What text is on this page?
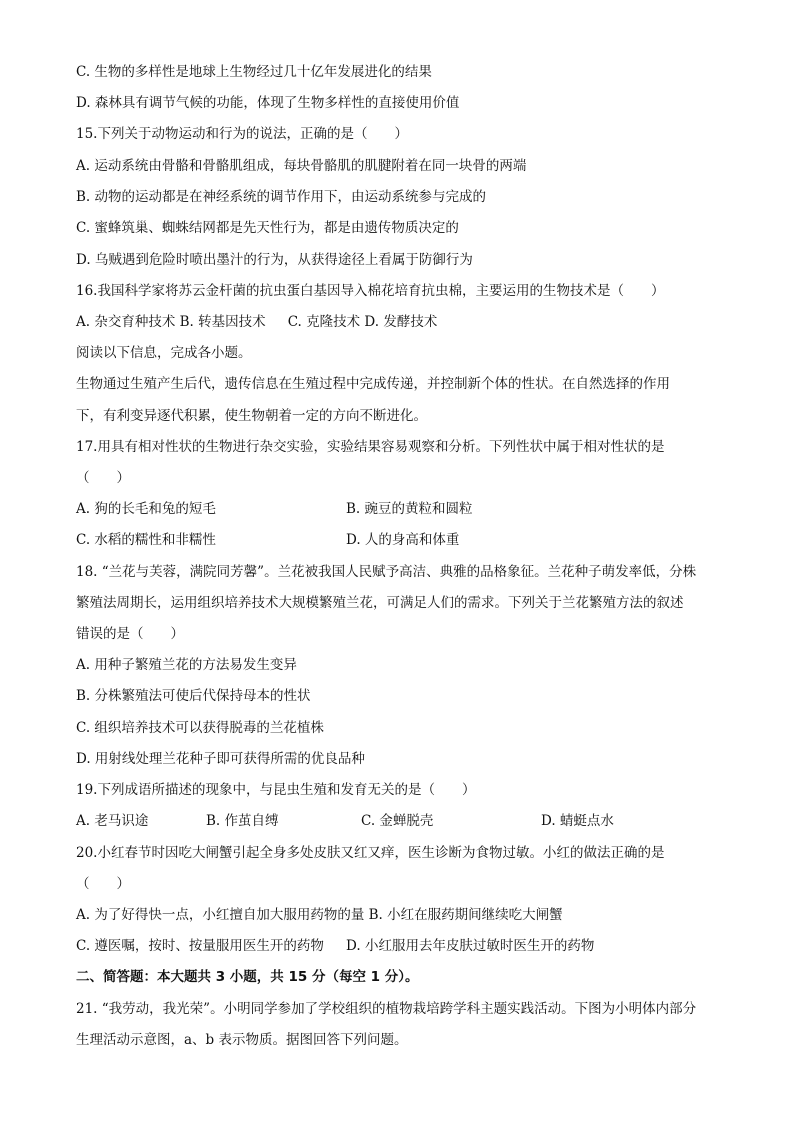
C. 生物的多样性是地球上生物经过几十亿年发展进化的结果
D. 森林具有调节气候的功能，体现了生物多样性的直接使用价值
15.下列关于动物运动和行为的说法，正确的是（　　）
A. 运动系统由骨骼和骨骼肌组成，每块骨骼肌的肌腱附着在同一块骨的两端
B. 动物的运动都是在神经系统的调节作用下，由运动系统参与完成的
C. 蜜蜂筑巢、蜘蛛结网都是先天性行为，都是由遗传物质决定的
D. 乌贼遇到危险时喷出墨汁的行为，从获得途径上看属于防御行为
16.我国科学家将苏云金杆菌的抗虫蛋白基因导入棉花培育抗虫棉，主要运用的生物技术是（　　）
A. 杂交育种技术 B. 转基因技术 　 C. 克隆技术 D. 发酵技术
阅读以下信息，完成各小题。
生物通过生殖产生后代，遗传信息在生殖过程中完成传递，并控制新个体的性状。在自然选择的作用
下，有利变异逐代积累，使生物朝着一定的方向不断进化。
17.用具有相对性状的生物进行杂交实验，实验结果容易观察和分析。下列性状中属于相对性状的是
（　　）
A. 狗的长毛和兔的短毛	B. 豌豆的黄粒和圆粒
C. 水稻的糯性和非糯性	D. 人的身高和体重
18. “兰花与芙蓉，满院同芳馨”。兰花被我国人民赋予高洁、典雅的品格象征。兰花种子萌发率低，分株
繁殖法周期长，运用组织培养技术大规模繁殖兰花，可满足人们的需求。下列关于兰花繁殖方法的叙述
错误的是（　　）
A. 用种子繁殖兰花的方法易发生变异
B. 分株繁殖法可使后代保持母本的性状
C. 组织培养技术可以获得脱毒的兰花植株
D. 用射线处理兰花种子即可获得所需的优良品种
19.下列成语所描述的现象中，与昆虫生殖和发育无关的是（　　）
A. 老马识途	B. 作茧自缚	C. 金蝉脱壳	D. 蜻蜓点水
20.小红春节时因吃大闸蟹引起全身多处皮肤又红又痒，医生诊断为食物过敏。小红的做法正确的是
（　　）
A. 为了好得快一点，小红擅自加大服用药物的量 B. 小红在服药期间继续吃大闸蟹
C. 遵医嘱，按时、按量服用医生开的药物 　 D. 小红服用去年皮肤过敏时医生开的药物
二、简答题：本大题共 3 小题，共 15 分（每空 1 分）。
21. “我劳动，我光荣”。小明同学参加了学校组织的植物栽培跨学科主题实践活动。下图为小明体内部分
生理活动示意图，a、b 表示物质。据图回答下列问题。
